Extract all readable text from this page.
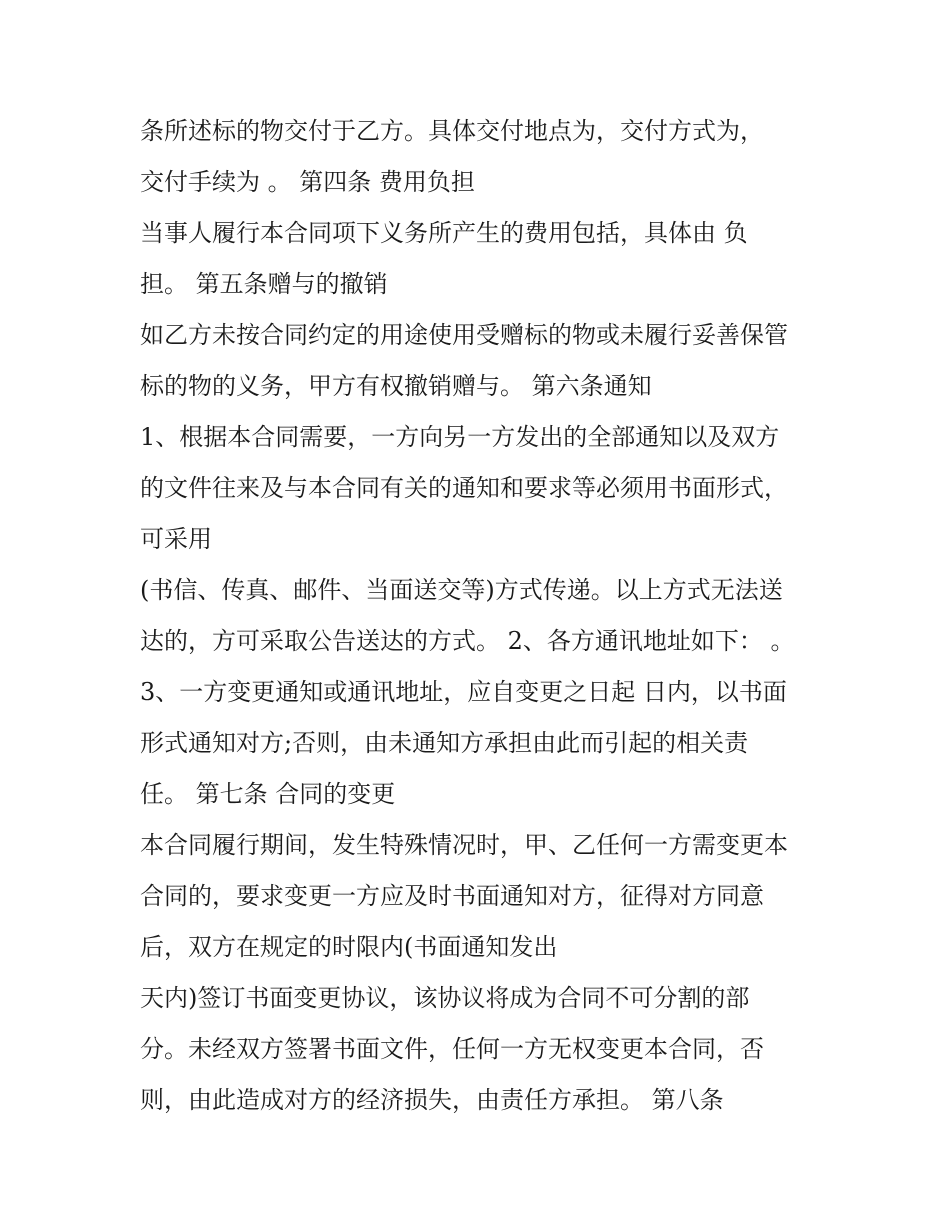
条所述标的物交付于乙方。具体交付地点为，交付方式为，
交付手续为 。 第四条 费用负担
当事人履行本合同项下义务所产生的费用包括，具体由 负
担。 第五条赠与的撤销
如乙方未按合同约定的用途使用受赠标的物或未履行妥善保管
标的物的义务，甲方有权撤销赠与。 第六条通知
1、根据本合同需要，一方向另一方发出的全部通知以及双方
的文件往来及与本合同有关的通知和要求等必须用书面形式，
可采用
(书信、传真、邮件、当面送交等)方式传递。以上方式无法送
达的，方可采取公告送达的方式。 2、各方通讯地址如下： 。
3、一方变更通知或通讯地址，应自变更之日起 日内，以书面
形式通知对方;否则，由未通知方承担由此而引起的相关责
任。 第七条 合同的变更
本合同履行期间，发生特殊情况时，甲、乙任何一方需变更本
合同的，要求变更一方应及时书面通知对方，征得对方同意
后，双方在规定的时限内(书面通知发出
天内)签订书面变更协议，该协议将成为合同不可分割的部
分。未经双方签署书面文件，任何一方无权变更本合同，否
则，由此造成对方的经济损失，由责任方承担。 第八条
